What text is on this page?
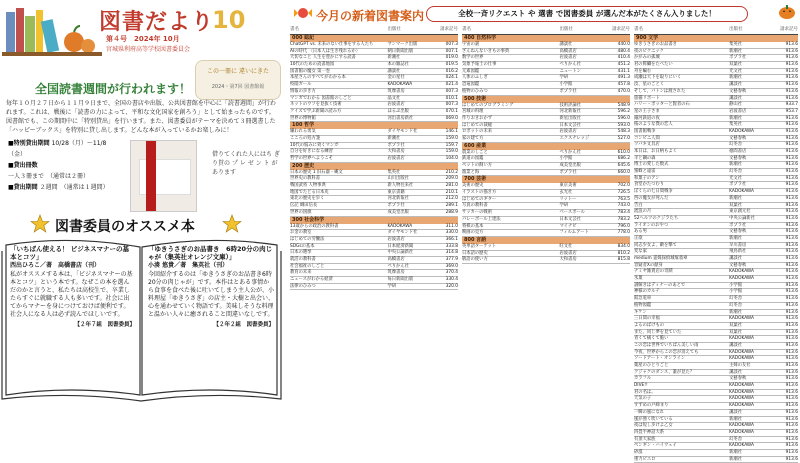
図書だより
第４号　2024年 10月
宮城県利府高等学校図書委員会
10
この一冊に 違いにきた
2024・第7回 図書館報
全国読書週間が行われます！
毎年１０月２７日から１１月９日まで、全国の書店や出版、公共図書館を中心に「読書週間」が行われます。これは、戦後に「読書の力によって、平和な文化国家を創ろう」として始まったものです。図書館でも、この期間中に「特別貸出」を行います。また、図書委員がテーマを決めて３冊選書した「ハッピーブックス」を特別に貸し出します。どんな本が入っているかお楽しみに！
■特別貸出期間 10/28（月）～11/8（金）
■貸出冊数 一人３冊まで　（通常は２冊）
■貸出期間 ２週間　（通常は１週間）
借りてくれた人にはち ぎ り貰の プ レ ゼ ン ト があります
図書委員のオススメ本
「いちばん使える！ ビジネスマナーの基本とコツ」
西出ひろこ／著　高橋書店（刊）
私がオススメする本は、「ビジネスマナーの基本とコツ」という本です。なぜこの本を選んだのかと言うと、私たちは高校生で、卒業したらすぐに就職する人も多いです。社会に出てからマナーを身につけておけば便利です。社会人になる人は必ず読んでほしいです。
【２年７組　図書委員】
「ゆきうさぎのお品書き　6時20分の肉じゃが（集英社オレンジ文庫）」
小湊 悠貴／著　集英社（刊）
今回紹介するのは「ゆきうさぎのお品書き6時20分の肉じゃが」です。本作はとある事情から食事を食べた後に吐いてしまう主人公が、小料理屋「ゆきうさぎ」の店主・大樹と出会い、心を通わせていく物語です。美味しそうな料理と温かい人々に癒されること間違いなしです。
【２年２組　図書委員】
今月の新着図書案内	全校一斉リクエスト や 選書 で図書委員 が選んだ本がたくさん入りました！
書名	出版社	請求記号
000 総記
ChatGPT vs. 未来のない仕事をする人たち	サンマーク出版	007.3
AIの時代 〈日本人は生き残れるか〉	朝日新聞出版	007.1
大切なこと 人生を豊かにする読書	新潮社	019.0
10代のための読書地図	本の雑誌社	019.5
図書館の魔女 第一巻	講談社	016.2
本屋さんのすべてがわかる本	金の星社	024.1
校閲ガール	KADOKAWA	021.4
情報の歩き方	筑摩書房	007.3
マンガでわかる 図書館のしごと	晶文社	010.1
ネットのウソを見抜く技術	岩波書店	007.3
クイズで学ぶ新聞の読み方	ほるぷ出版	070.1
世界の博物館	河出書房新社	069.0
100 哲学
嫌われる勇気	ダイヤモンド社	146.1
こころの処方箋	新潮社	159.0
10代の悩みに効くマンガ	ポプラ社	159.7
自分を好きになる練習	大和書房	159.0
哲学の世界へようこそ	岩波書店	104.0
200 歴史
日本の歴史 1 旧石器・縄文	集英社	210.2
世界史の教科書	山川出版社	209.0
戦国武将 人物事典	新人物往来社	281.0
地図でたどる日本史	東京書籍	210.1
東北の歴史を歩く	河北新報社	212.0
伝記 織田信長	ポプラ社	289.1
世界の国旗	成美堂出版	288.9
300 社会科学
13歳からの政治の教科書	KADOKAWA	311.0
お金の教室	ダイヤモンド社	330.0
はじめての労働法	岩波書店	366.1
SDGsの基本	日本経済新聞	333.8
日本の選挙	中央公論新社	314.8
就活の教科書	高橋書店	377.9
社会福祉のしごと	ぺりかん社	369.0
教育の未来	筑摩書房	370.4
ニュースがわかる経済	毎日新聞出版	330.4
法律のひみつ	学研	320.0
書名	出版社	請求記号
400 自然科学
宇宙の謎	講談社	440.0
ざんねんないきもの事典	高橋書店	480.4
数学の世界	岩波書店	410.4
気象予報士の仕事	ぺりかん社	451.2
元素図鑑	ニュートン	431.1
人体のふしぎ	学研	491.3
恐竜図鑑	小学館	457.8
植物のひみつ	ポプラ社	470.0
500 技術
はじめてのプログラミング	技術評論社	548.9
宮城の料理	河北新報社	596.2
作りおきおかず	新星出版社	596.0
はじめての裁縫	日本文芸社	593.0
ロボットの未来	岩波書店	548.3
家の建て方	エクスナレッジ	527.0
600 産業
農業のしごと	ぺりかん社	610.0
鉄道の図鑑	小学館	686.2
ペットの飼い方	成美堂出版	645.6
漁業と海	ポプラ社	660.0
700 芸術
美術の歴史	東京美術	702.0
イラストの描き方	玄光社	726.5
はじめてのギター	リットー	763.5
写真の教科書	学研	743.0
サッカーの戦術	ベースボール	783.4
バレーボール上達法	日本文芸社	783.2
将棋の基本	マイナビ	796.0
映画の見方	フィルムアート	778.0
800 言語
英単語ターゲット	旺文社	834.0
日本語の歴史	岩波書店	810.2
敬語の使い方	大和書房	815.8
書名	出版社	請求記号
900 文学
ゆきうさぎのお品書き	集英社	913.6
夜のピクニック	新潮社	913.6
かがみの孤城	ポプラ社	913.6
君の膵臓をたべたい	双葉社	913.6
舟を編む	光文社	913.6
成瀬は天下を取りにいく	新潮社	913.6
汝、星のごとく	講談社	913.6
そして、バトンは渡された	文藝春秋	913.6
旅猫リポート	講談社	913.6
ハリー・ポッターと賢者の石	静山社	933.7
星の王子さま	岩波書店	953.7
銀河鉄道の夜	新潮社	913.6
桜のような僕の恋人	集英社	913.6
図書館戦争	KADOKAWA	913.6
コンビニ人間	文藝春秋	913.6
ツバキ文具店	幻冬舎	913.6
本日は、お日柄もよく	徳間書店	913.6
羊と鋼の森	文藝春秋	913.6
博士の愛した数式	新潮社	913.6
蜜蜂と遠雷	幻冬舎	913.6
和菓子のアン	光文社	913.6
食堂かたつむり	ポプラ社	913.6
ぼくらの七日間戦争	KADOKAWA	913.6
西の魔女が死んだ	新潮社	913.6
告白	双葉社	913.6
流浪の月	東京創元社	913.6
52ヘルツのクジラたち	中央公論新社	913.6
ライオンのおやつ	ポプラ社	913.6
ある男	文藝春秋	913.6
正欲	新潮社	913.6
同志少女よ、敵を撃て	早川書房	913.6
変な家	飛鳥新社	913.6
medium 霊媒探偵城塚翡翠	講談社	913.6
容疑者Xの献身	文藝春秋	913.6
ナミヤ雑貨店の奇蹟	KADOKAWA	913.6
氷菓	KADOKAWA	913.6
謎解きはディナーのあとで	小学館	913.6
神様のカルテ	小学館	913.6
阪急電車	幻冬舎	913.6
植物図鑑	幻冬舎	913.6
キケン	新潮社	913.6
三日間の幸福	KADOKAWA	913.6
よるのばけもの	双葉社	913.6
また、同じ夢を見ていた	双葉社	913.6
青くて痛くて脆い	KADOKAWA	913.6
この恋は世界でいちばん美しい雨	講談社	913.6
今夜、世界からこの恋が消えても	KADOKAWA	913.6
ソードアート・オンライン	KADOKAWA	913.6
薬屋のひとりごと	主婦の友社	913.6
クジャクのダンス、誰が見た？	講談社	913.6
カラフル	文藝春秋	913.6
DIVE!!	KADOKAWA	913.6
君の名は。	KADOKAWA	913.6
天気の子	KADOKAWA	913.6
すずめの戸締まり	KADOKAWA	913.6
一瞬の風になれ	講談社	913.6
風が強く吹いている	新潮社	913.6
夜は短し歩けよ乙女	KADOKAWA	913.6
四畳半神話大系	KADOKAWA	913.6
有頂天家族	幻冬舎	913.6
ペンギン・ハイウェイ	KADOKAWA	913.6
砂漠	新潮社	913.6
重力ピエロ	新潮社	913.6
